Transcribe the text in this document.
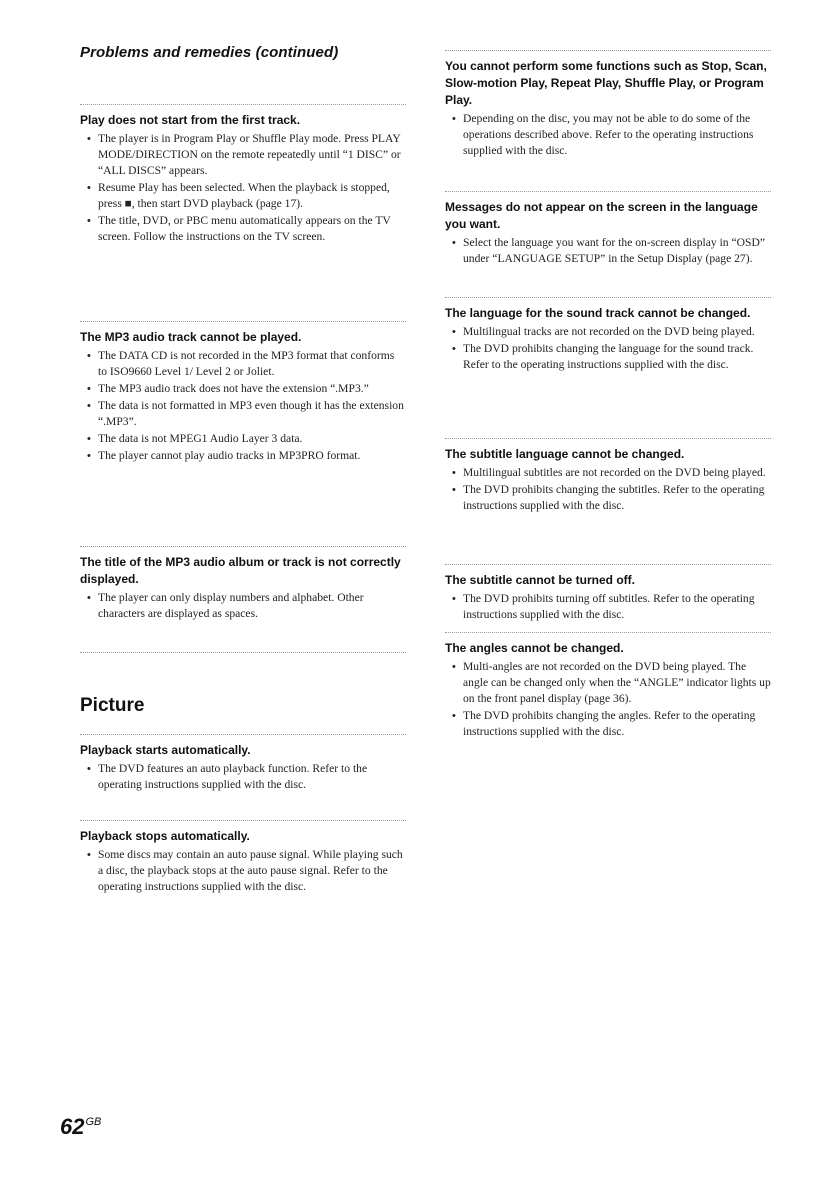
Problems and remedies (continued)
Play does not start from the first track.
• The player is in Program Play or Shuffle Play mode. Press PLAY MODE/DIRECTION on the remote repeatedly until “1 DISC” or “ALL DISCS” appears.
• Resume Play has been selected. When the playback is stopped, press ■, then start DVD playback (page 17).
• The title, DVD, or PBC menu automatically appears on the TV screen. Follow the instructions on the TV screen.
The MP3 audio track cannot be played.
• The DATA CD is not recorded in the MP3 format that conforms to ISO9660 Level 1/ Level 2 or Joliet.
• The MP3 audio track does not have the extension “.MP3.”
• The data is not formatted in MP3 even though it has the extension “.MP3”.
• The data is not MPEG1 Audio Layer 3 data.
• The player cannot play audio tracks in MP3PRO format.
The title of the MP3 audio album or track is not correctly displayed.
• The player can only display numbers and alphabet. Other characters are displayed as spaces.
Playback starts automatically.
• The DVD features an auto playback function. Refer to the operating instructions supplied with the disc.
Playback stops automatically.
• Some discs may contain an auto pause signal. While playing such a disc, the playback stops at the auto pause signal. Refer to the operating instructions supplied with the disc.
Picture
You cannot perform some functions such as Stop, Scan, Slow-motion Play, Repeat Play, Shuffle Play, or Program Play.
• Depending on the disc, you may not be able to do some of the operations described above. Refer to the operating instructions supplied with the disc.
Messages do not appear on the screen in the language you want.
• Select the language you want for the on-screen display in “OSD” under “LANGUAGE SETUP” in the Setup Display (page 27).
The language for the sound track cannot be changed.
• Multilingual tracks are not recorded on the DVD being played.
• The DVD prohibits changing the language for the sound track. Refer to the operating instructions supplied with the disc.
The subtitle language cannot be changed.
• Multilingual subtitles are not recorded on the DVD being played.
• The DVD prohibits changing the subtitles. Refer to the operating instructions supplied with the disc.
The subtitle cannot be turned off.
• The DVD prohibits turning off subtitles. Refer to the operating instructions supplied with the disc.
The angles cannot be changed.
• Multi-angles are not recorded on the DVD being played. The angle can be changed only when the “ANGLE” indicator lights up on the front panel display (page 36).
• The DVD prohibits changing the angles. Refer to the operating instructions supplied with the disc.
$62^{GB}$
